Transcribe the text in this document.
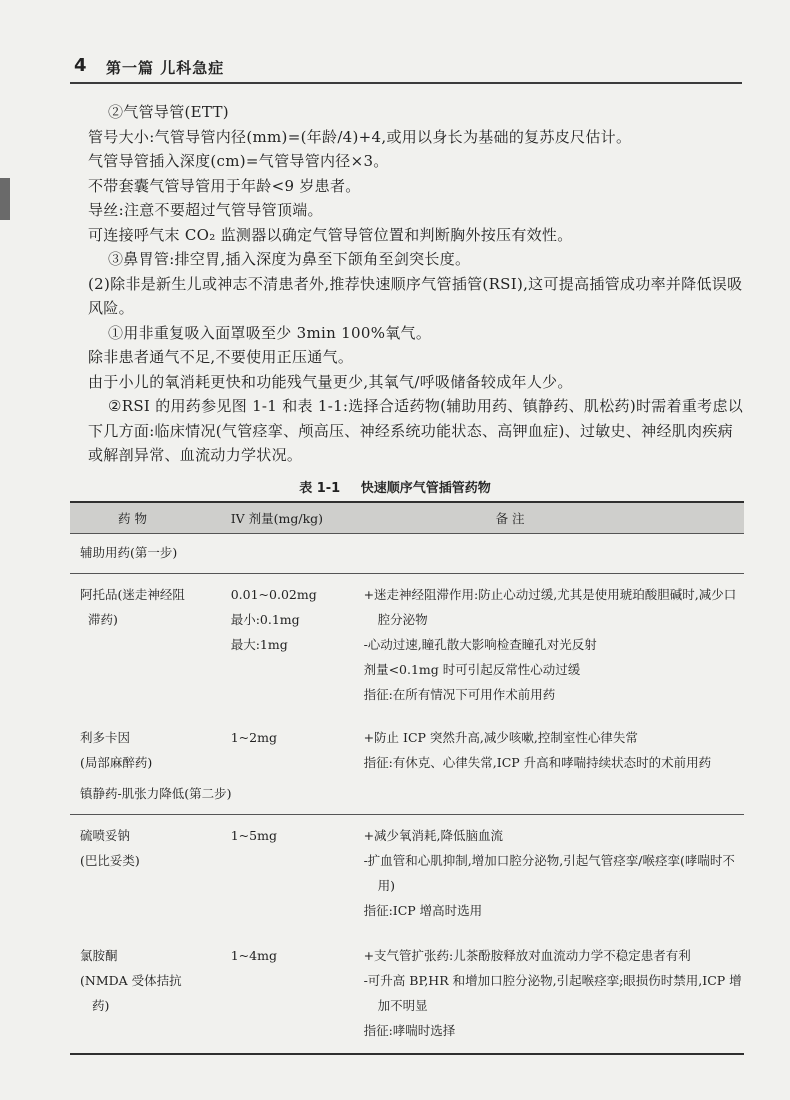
4 第一篇 儿科急症

②气管导管(ETT)

管号大小:气管导管内径(mm)=(年龄/4)+4,或用以身长为基础的复苏皮尺估计。

气管导管插入深度(cm)=气管导管内径×3。

不带套囊气管导管用于年龄<9 岁患者。

导丝:注意不要超过气管导管顶端。

可连接呼气末 CO₂ 监测器以确定气管导管位置和判断胸外按压有效性。

③鼻胃管:排空胃,插入深度为鼻至下颌角至剑突长度。

(2)除非是新生儿或神志不清患者外,推荐快速顺序气管插管(RSI),这可提高插管成功率并降低误吸风险。

①用非重复吸入面罩吸至少 3min 100%氧气。

除非患者通气不足,不要使用正压通气。

由于小儿的氧消耗更快和功能残气量更少,其氧气/呼吸储备较成年人少。

②RSI 的用药参见图 1-1 和表 1-1:选择合适药物(辅助用药、镇静药、肌松药)时需着重考虑以下几方面:临床情况(气管痉挛、颅高压、神经系统功能状态、高钾血症)、过敏史、神经肌肉疾病或解剖异常、血流动力学状况。

表 1-1 快速顺序气管插管药物
药 物	IV 剂量(mg/kg)	备 注
辅助用药(第一步)		

阿托品(迷走神经阻
滞药)	0.01~0.02mg
最小:0.1mg
最大:1mg	+迷走神经阻滞作用:防止心动过缓,尤其是使用琥珀酸胆碱时,减少口腔分泌物
-心动过速,瞳孔散大影响检查瞳孔对光反射
剂量<0.1mg 时可引起反常性心动过缓
指征:在所有情况下可用作术前用药

利多卡因
(局部麻醉药)	1~2mg	+防止 ICP 突然升高,减少咳嗽,控制室性心律失常
指征:有休克、心律失常,ICP 升高和哮喘持续状态时的术前用药

镇静药-肌张力降低(第二步)		

硫喷妥钠
(巴比妥类)	1~5mg	+减少氧消耗,降低脑血流
-扩血管和心肌抑制,增加口腔分泌物,引起气管痉挛/喉痉挛(哮喘时不用)
指征:ICP 增高时选用

氯胺酮
(NMDA 受体拮抗
药)	1~4mg	+支气管扩张药:儿茶酚胺释放对血流动力学不稳定患者有利
-可升高 BP,HR 和增加口腔分泌物,引起喉痉挛;眼损伤时禁用,ICP 增加不明显
指征:哮喘时选择
